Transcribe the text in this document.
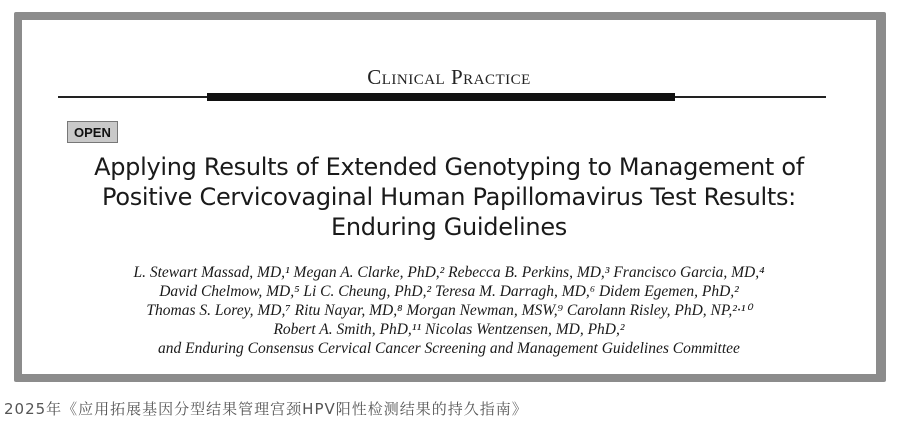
Clinical Practice
OPEN
Applying Results of Extended Genotyping to Management of
Positive Cervicovaginal Human Papillomavirus Test Results:
Enduring Guidelines
L. Stewart Massad, MD,¹ Megan A. Clarke, PhD,² Rebecca B. Perkins, MD,³ Francisco Garcia, MD,⁴
David Chelmow, MD,⁵ Li C. Cheung, PhD,² Teresa M. Darragh, MD,⁶ Didem Egemen, PhD,²
Thomas S. Lorey, MD,⁷ Ritu Nayar, MD,⁸ Morgan Newman, MSW,⁹ Carolann Risley, PhD, NP,²·¹⁰
Robert A. Smith, PhD,¹¹ Nicolas Wentzensen, MD, PhD,²
and Enduring Consensus Cervical Cancer Screening and Management Guidelines Committee
2025年《应用拓展基因分型结果管理宫颈HPV阳性检测结果的持久指南》
